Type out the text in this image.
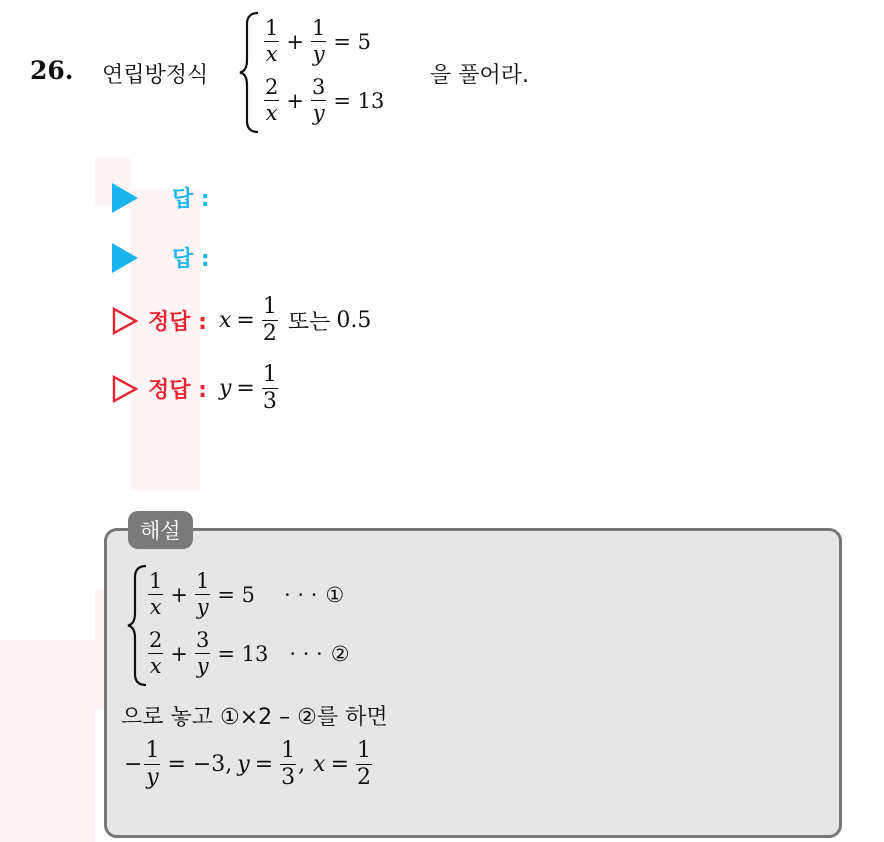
26. 연립방정식
$\frac{1}{x} + \frac{1}{y} = 5$
$\frac{2}{x} + \frac{3}{y} = 13$
을 풀어라.
답 :
답 :
정답 : $x = \frac{1}{2}$ 또는 0.5
정답 : $y = \frac{1}{3}$
해설
$\frac{1}{x} + \frac{1}{y} = 5$ · · · ①
$\frac{2}{x} + \frac{3}{y} = 13$ · · · ②
으로 놓고 ①×2 – ②를 하면
− $\frac{1}{y} = -3$, $y = \frac{1}{3}$ , $x = \frac{1}{2}$
